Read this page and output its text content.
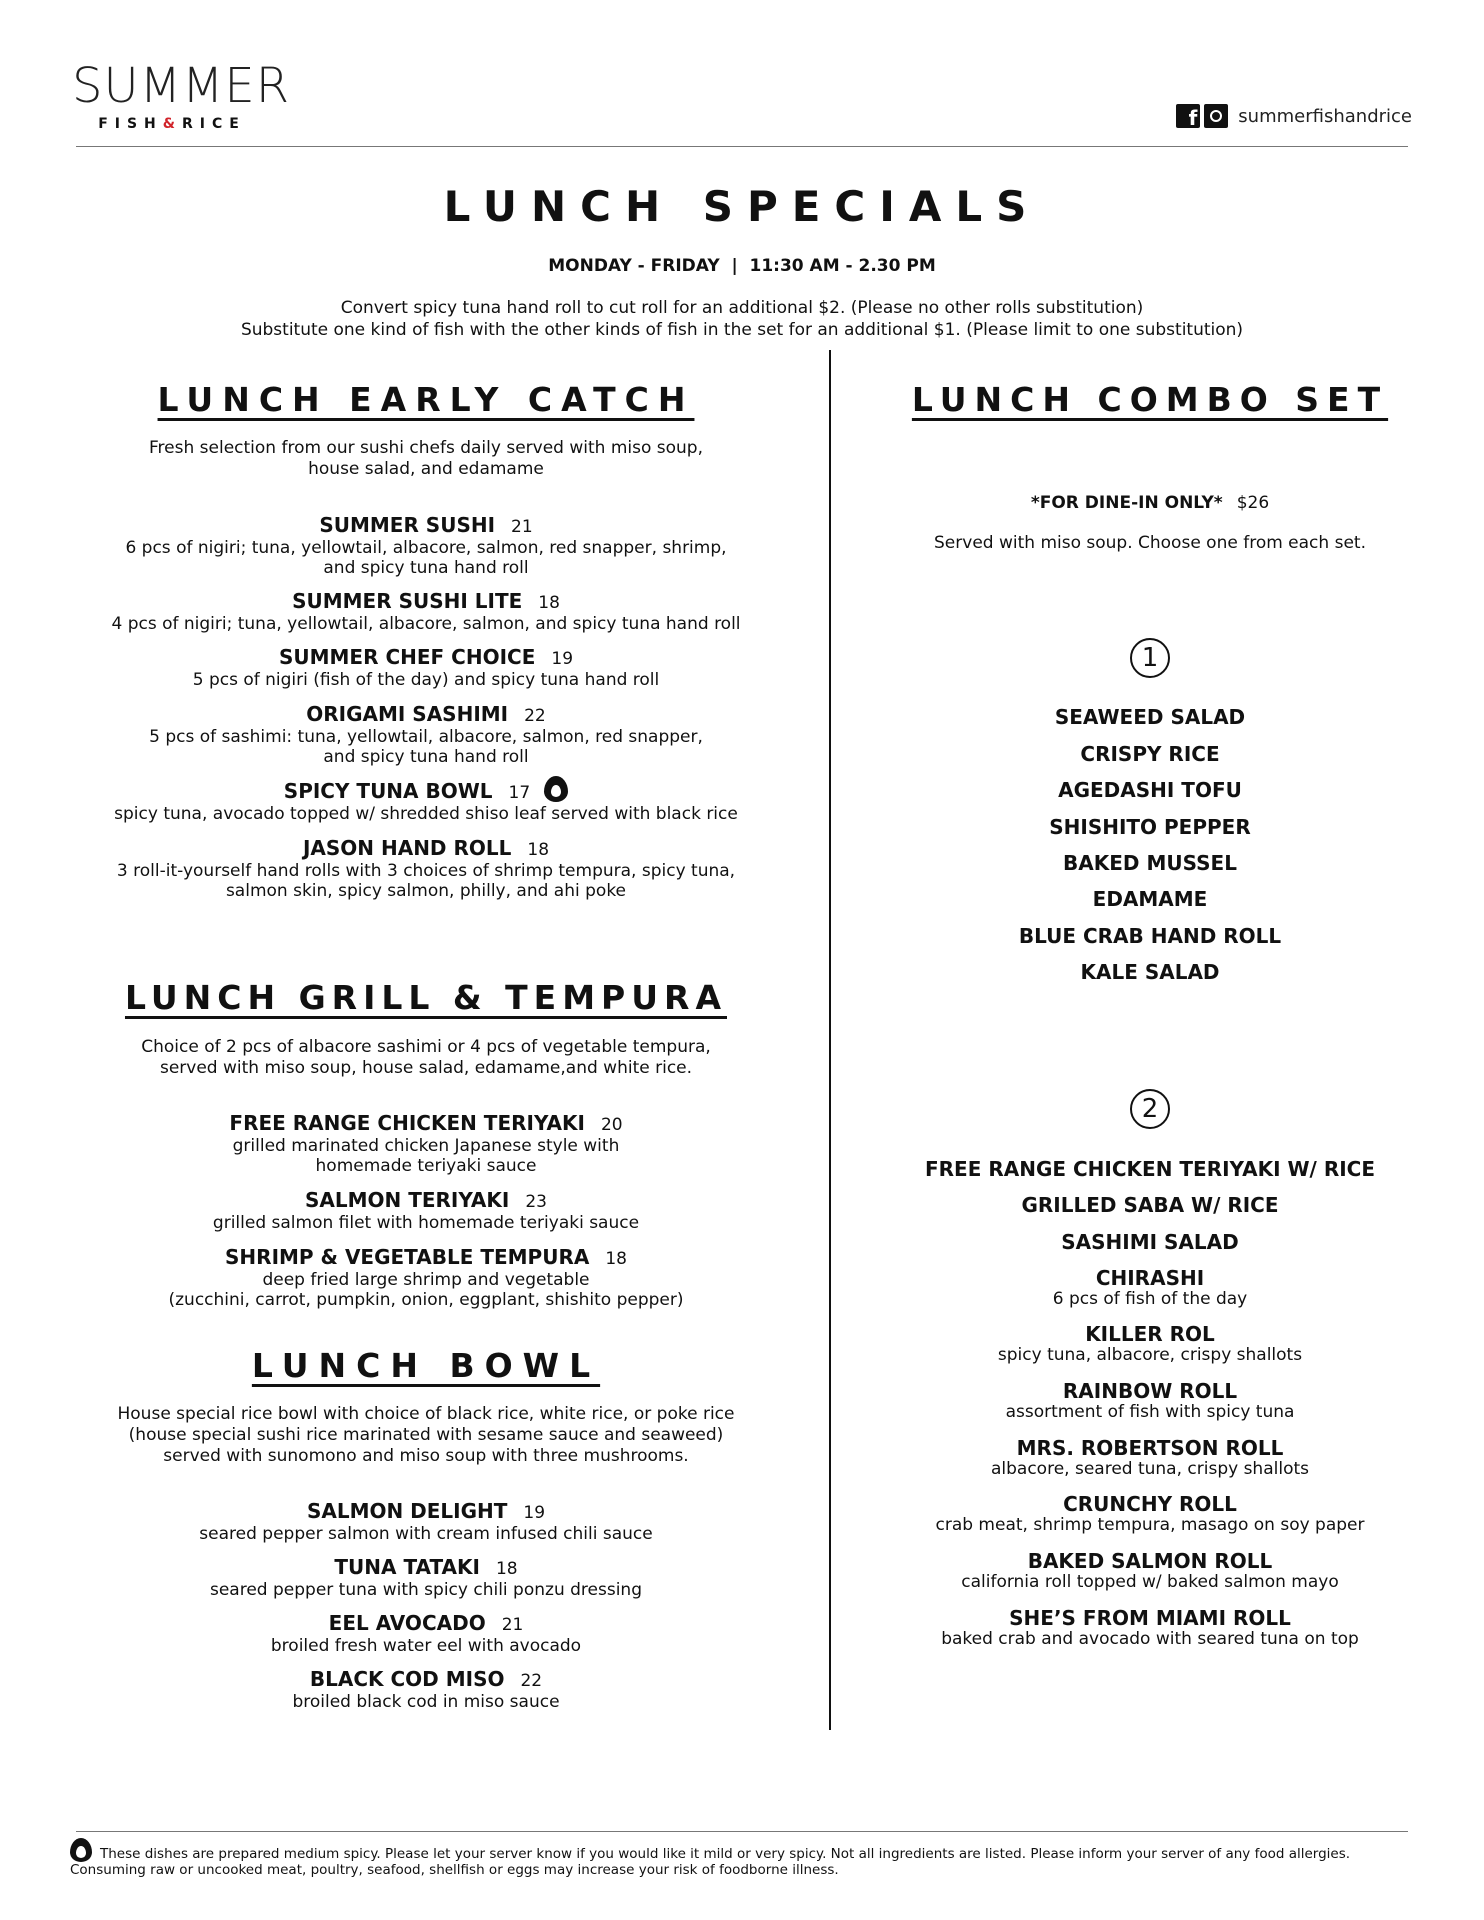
SUMMER
FISH&RICE	f summerfishandrice
LUNCH SPECIALS
MONDAY - FRIDAY  |  11:30 AM - 2.30 PM
Convert spicy tuna hand roll to cut roll for an additional $2. (Please no other rolls substitution)
Substitute one kind of fish with the other kinds of fish in the set for an additional $1. (Please limit to one substitution)
LUNCH EARLY CATCH
Fresh selection from our sushi chefs daily served with miso soup,
house salad, and edamame
SUMMER SUSHI 21
6 pcs of nigiri; tuna, yellowtail, albacore, salmon, red snapper, shrimp,
and spicy tuna hand roll
SUMMER SUSHI LITE 18
4 pcs of nigiri; tuna, yellowtail, albacore, salmon, and spicy tuna hand roll
SUMMER CHEF CHOICE 19
5 pcs of nigiri (fish of the day) and spicy tuna hand roll
ORIGAMI SASHIMI 22
5 pcs of sashimi: tuna, yellowtail, albacore, salmon, red snapper,
and spicy tuna hand roll
SPICY TUNA BOWL 17
spicy tuna, avocado topped w/ shredded shiso leaf served with black rice
JASON HAND ROLL 18
3 roll-it-yourself hand rolls with 3 choices of shrimp tempura, spicy tuna,
salmon skin, spicy salmon, philly, and ahi poke
LUNCH GRILL & TEMPURA
Choice of 2 pcs of albacore sashimi or 4 pcs of vegetable tempura,
served with miso soup, house salad, edamame,and white rice.
FREE RANGE CHICKEN TERIYAKI 20
grilled marinated chicken Japanese style with
homemade teriyaki sauce
SALMON TERIYAKI 23
grilled salmon filet with homemade teriyaki sauce
SHRIMP & VEGETABLE TEMPURA 18
deep fried large shrimp and vegetable
(zucchini, carrot, pumpkin, onion, eggplant, shishito pepper)
LUNCH BOWL
House special rice bowl with choice of black rice, white rice, or poke rice
(house special sushi rice marinated with sesame sauce and seaweed)
served with sunomono and miso soup with three mushrooms.
SALMON DELIGHT 19
seared pepper salmon with cream infused chili sauce
TUNA TATAKI 18
seared pepper tuna with spicy chili ponzu dressing
EEL AVOCADO 21
broiled fresh water eel with avocado
BLACK COD MISO 22
broiled black cod in miso sauce
LUNCH COMBO SET
*FOR DINE-IN ONLY* $26
Served with miso soup. Choose one from each set.
1
SEAWEED SALAD
CRISPY RICE
AGEDASHI TOFU
SHISHITO PEPPER
BAKED MUSSEL
EDAMAME
BLUE CRAB HAND ROLL
KALE SALAD
2
FREE RANGE CHICKEN TERIYAKI W/ RICE
GRILLED SABA W/ RICE
SASHIMI SALAD
CHIRASHI
6 pcs of fish of the day
KILLER ROL
spicy tuna, albacore, crispy shallots
RAINBOW ROLL
assortment of fish with spicy tuna
MRS. ROBERTSON ROLL
albacore, seared tuna, crispy shallots
CRUNCHY ROLL
crab meat, shrimp tempura, masago on soy paper
BAKED SALMON ROLL
california roll topped w/ baked salmon mayo
SHE’S FROM MIAMI ROLL
baked crab and avocado with seared tuna on top
These dishes are prepared medium spicy. Please let your server know if you would like it mild or very spicy. Not all ingredients are listed. Please inform your server of any food allergies. Consuming raw or uncooked meat, poultry, seafood, shellfish or eggs may increase your risk of foodborne illness.
